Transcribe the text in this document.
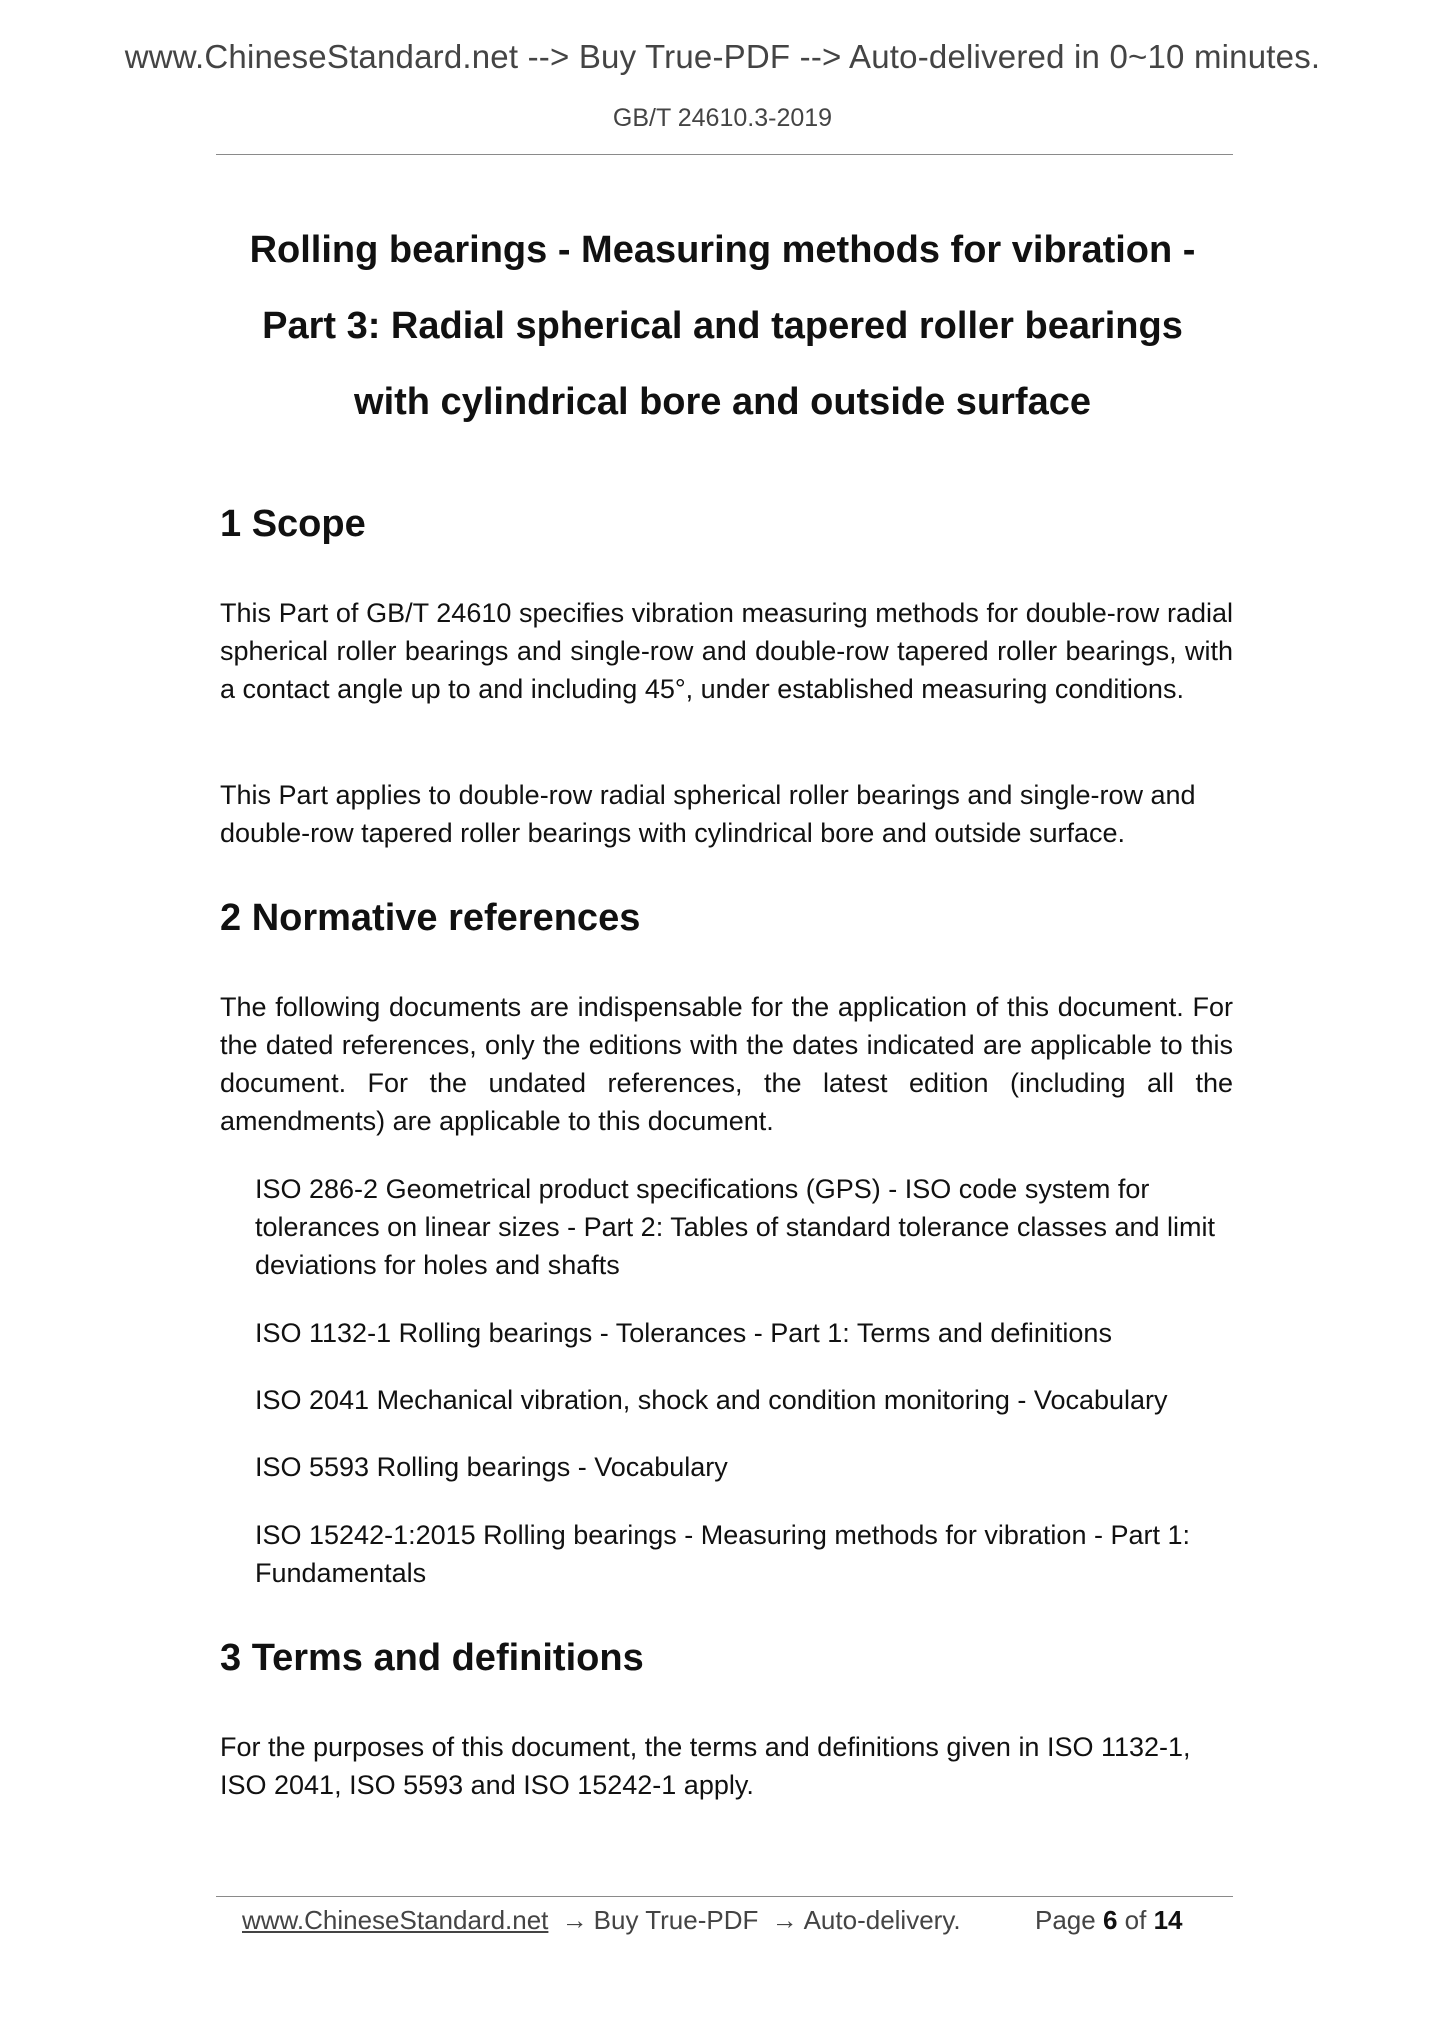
www.ChineseStandard.net --> Buy True-PDF --> Auto-delivered in 0~10 minutes.
GB/T 24610.3-2019
Rolling bearings - Measuring methods for vibration -
Part 3: Radial spherical and tapered roller bearings
with cylindrical bore and outside surface
1 Scope
This Part of GB/T 24610 specifies vibration measuring methods for double-row radial spherical roller bearings and single-row and double-row tapered roller bearings, with a contact angle up to and including 45°, under established measuring conditions.
This Part applies to double-row radial spherical roller bearings and single-row and double-row tapered roller bearings with cylindrical bore and outside surface.
2 Normative references
The following documents are indispensable for the application of this document. For the dated references, only the editions with the dates indicated are applicable to this document. For the undated references, the latest edition (including all the amendments) are applicable to this document.
ISO 286-2 Geometrical product specifications (GPS) - ISO code system for tolerances on linear sizes - Part 2: Tables of standard tolerance classes and limit deviations for holes and shafts
ISO 1132-1 Rolling bearings - Tolerances - Part 1: Terms and definitions
ISO 2041 Mechanical vibration, shock and condition monitoring - Vocabulary
ISO 5593 Rolling bearings - Vocabulary
ISO 15242-1:2015 Rolling bearings - Measuring methods for vibration - Part 1: Fundamentals
3 Terms and definitions
For the purposes of this document, the terms and definitions given in ISO 1132-1, ISO 2041, ISO 5593 and ISO 15242-1 apply.
www.ChineseStandard.net → Buy True-PDF → Auto-delivery.	Page 6 of 14
